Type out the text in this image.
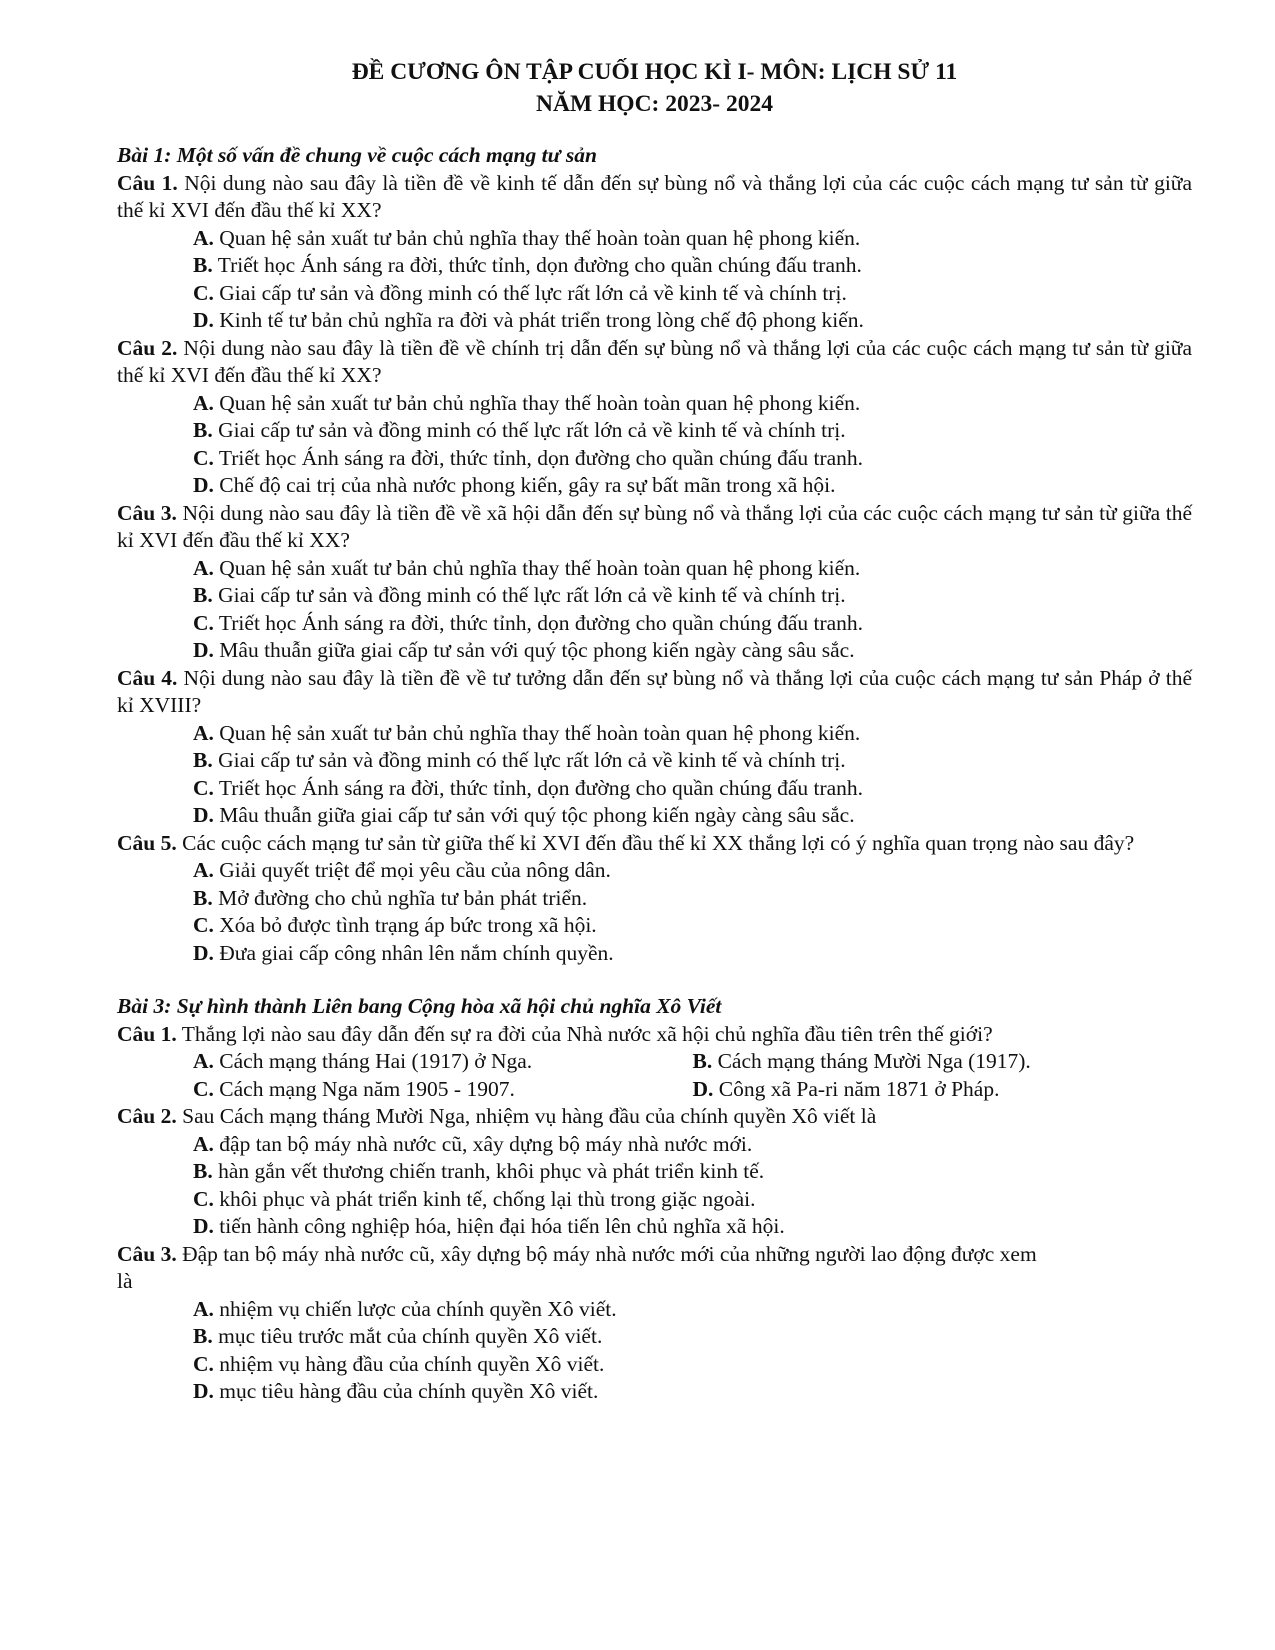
ĐỀ CƯƠNG ÔN TẬP CUỐI HỌC KÌ I- MÔN: LỊCH SỬ 11
NĂM HỌC: 2023- 2024
Bài 1: Một số vấn đề chung về cuộc cách mạng tư sản
Câu 1. Nội dung nào sau đây là tiền đề về kinh tế dẫn đến sự bùng nổ và thắng lợi của các cuộc cách mạng tư sản từ giữa thế kỉ XVI đến đầu thế kỉ XX?
A. Quan hệ sản xuất tư bản chủ nghĩa thay thế hoàn toàn quan hệ phong kiến.
B. Triết học Ánh sáng ra đời, thức tỉnh, dọn đường cho quần chúng đấu tranh.
C. Giai cấp tư sản và đồng minh có thế lực rất lớn cả về kinh tế và chính trị.
D. Kinh tế tư bản chủ nghĩa ra đời và phát triển trong lòng chế độ phong kiến.
Câu 2. Nội dung nào sau đây là tiền đề về chính trị dẫn đến sự bùng nổ và thắng lợi của các cuộc cách mạng tư sản từ giữa thế kỉ XVI đến đầu thế kỉ XX?
A. Quan hệ sản xuất tư bản chủ nghĩa thay thế hoàn toàn quan hệ phong kiến.
B. Giai cấp tư sản và đồng minh có thế lực rất lớn cả về kinh tế và chính trị.
C. Triết học Ánh sáng ra đời, thức tỉnh, dọn đường cho quần chúng đấu tranh.
D. Chế độ cai trị của nhà nước phong kiến, gây ra sự bất mãn trong xã hội.
Câu 3. Nội dung nào sau đây là tiền đề về xã hội dẫn đến sự bùng nổ và thắng lợi của các cuộc cách mạng tư sản từ giữa thế kỉ XVI đến đầu thế kỉ XX?
A. Quan hệ sản xuất tư bản chủ nghĩa thay thế hoàn toàn quan hệ phong kiến.
B. Giai cấp tư sản và đồng minh có thế lực rất lớn cả về kinh tế và chính trị.
C. Triết học Ánh sáng ra đời, thức tỉnh, dọn đường cho quần chúng đấu tranh.
D. Mâu thuẫn giữa giai cấp tư sản với quý tộc phong kiến ngày càng sâu sắc.
Câu 4. Nội dung nào sau đây là tiền đề về tư tưởng dẫn đến sự bùng nổ và thắng lợi của cuộc cách mạng tư sản Pháp ở thế kỉ XVIII?
A. Quan hệ sản xuất tư bản chủ nghĩa thay thế hoàn toàn quan hệ phong kiến.
B. Giai cấp tư sản và đồng minh có thế lực rất lớn cả về kinh tế và chính trị.
C. Triết học Ánh sáng ra đời, thức tỉnh, dọn đường cho quần chúng đấu tranh.
D. Mâu thuẫn giữa giai cấp tư sản với quý tộc phong kiến ngày càng sâu sắc.
Câu 5. Các cuộc cách mạng tư sản từ giữa thế kỉ XVI đến đầu thế kỉ XX thắng lợi có ý nghĩa quan trọng nào sau đây?
A. Giải quyết triệt để mọi yêu cầu của nông dân.
B. Mở đường cho chủ nghĩa tư bản phát triển.
C. Xóa bỏ được tình trạng áp bức trong xã hội.
D. Đưa giai cấp công nhân lên nắm chính quyền.
Bài 3: Sự hình thành Liên bang Cộng hòa xã hội chủ nghĩa Xô Viết
Câu 1. Thắng lợi nào sau đây dẫn đến sự ra đời của Nhà nước xã hội chủ nghĩa đầu tiên trên thế giới?
A. Cách mạng tháng Hai (1917) ở Nga.	B. Cách mạng tháng Mười Nga (1917).
C. Cách mạng Nga năm 1905 - 1907.	D. Công xã Pa-ri năm 1871 ở Pháp.
Câu 2. Sau Cách mạng tháng Mười Nga, nhiệm vụ hàng đầu của chính quyền Xô viết là
A. đập tan bộ máy nhà nước cũ, xây dựng bộ máy nhà nước mới.
B. hàn gắn vết thương chiến tranh, khôi phục và phát triển kinh tế.
C. khôi phục và phát triển kinh tế, chống lại thù trong giặc ngoài.
D. tiến hành công nghiệp hóa, hiện đại hóa tiến lên chủ nghĩa xã hội.
Câu 3. Đập tan bộ máy nhà nước cũ, xây dựng bộ máy nhà nước mới của những người lao động được xem
là
A. nhiệm vụ chiến lược của chính quyền Xô viết.
B. mục tiêu trước mắt của chính quyền Xô viết.
C. nhiệm vụ hàng đầu của chính quyền Xô viết.
D. mục tiêu hàng đầu của chính quyền Xô viết.
